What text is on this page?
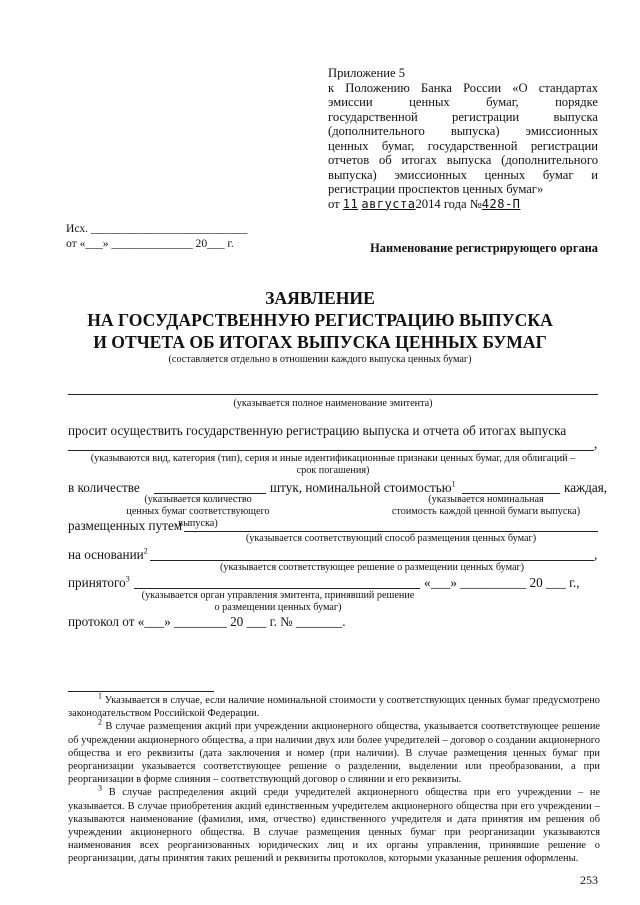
Приложение 5
к Положению Банка России «О стандартах
эмиссии ценных бумаг, порядке
государственной регистрации выпуска
(дополнительного выпуска) эмиссионных
ценных бумаг, государственной регистрации
отчетов об итогах выпуска (дополнительного
выпуска) эмиссионных ценных бумаг и
регистрации проспектов ценных бумаг»
от 11 августа2014 года №428-П
Исх. ___________________________
от «___» ______________ 20___ г.	Наименование регистрирующего органа
ЗАЯВЛЕНИЕ
НА ГОСУДАРСТВЕННУЮ РЕГИСТРАЦИЮ ВЫПУСКА
И ОТЧЕТА ОБ ИТОГАХ ВЫПУСКА ЦЕННЫХ БУМАГ
(составляется отдельно в отношении каждого выпуска ценных бумаг)
(указывается полное наименование эмитента)
просит осуществить государственную регистрацию выпуска и отчета об итогах выпуска
,
(указываются вид, категория (тип), серия и иные идентификационные признаки ценных бумаг, для облигаций –
срок погашения)
в количестве	штук, номинальной стоимостью$^1$	каждая,
(указывается количество
ценных бумаг соответствующего выпуска)
(указывается номинальная
стоимость каждой ценной бумаги выпуска)
размещенных путем
(указывается соответствующий способ размещения ценных бумаг)
на основании$^2$	,
(указывается соответствующее решение о размещении ценных бумаг)
принятого$^3$	«___» __________ 20 ___ г.,
(указывается орган управления эмитента, принявший решение
о размещении ценных бумаг)
протокол от «___» ________ 20 ___ г. № _______.

$^1$ Указывается в случае, если наличие номинальной стоимости у соответствующих ценных бумаг предусмотрено законодательством Российской Федерации.

$^2$ В случае размещения акций при учреждении акционерного общества, указывается соответствующее решение об учреждении акционерного общества, а при наличии двух или более учредителей – договор о создании акционерного общества и его реквизиты (дата заключения и номер (при наличии). В случае размещения ценных бумаг при реорганизации указывается соответствующее решение о разделении, выделении или преобразовании, а при реорганизации в форме слияния – соответствующий договор о слиянии и его реквизиты.

$^3$ В случае распределения акций среди учредителей акционерного общества при его учреждении – не указывается. В случае приобретения акций единственным учредителем акционерного общества при его учреждении – указываются наименование (фамилия, имя, отчество) единственного учредителя и дата принятия им решения об учреждении акционерного общества. В случае размещения ценных бумаг при реорганизации указываются наименования всех реорганизованных юридических лиц и их органы управления, принявшие решение о реорганизации, даты принятия таких решений и реквизиты протоколов, которыми указанные решения оформлены.

253
